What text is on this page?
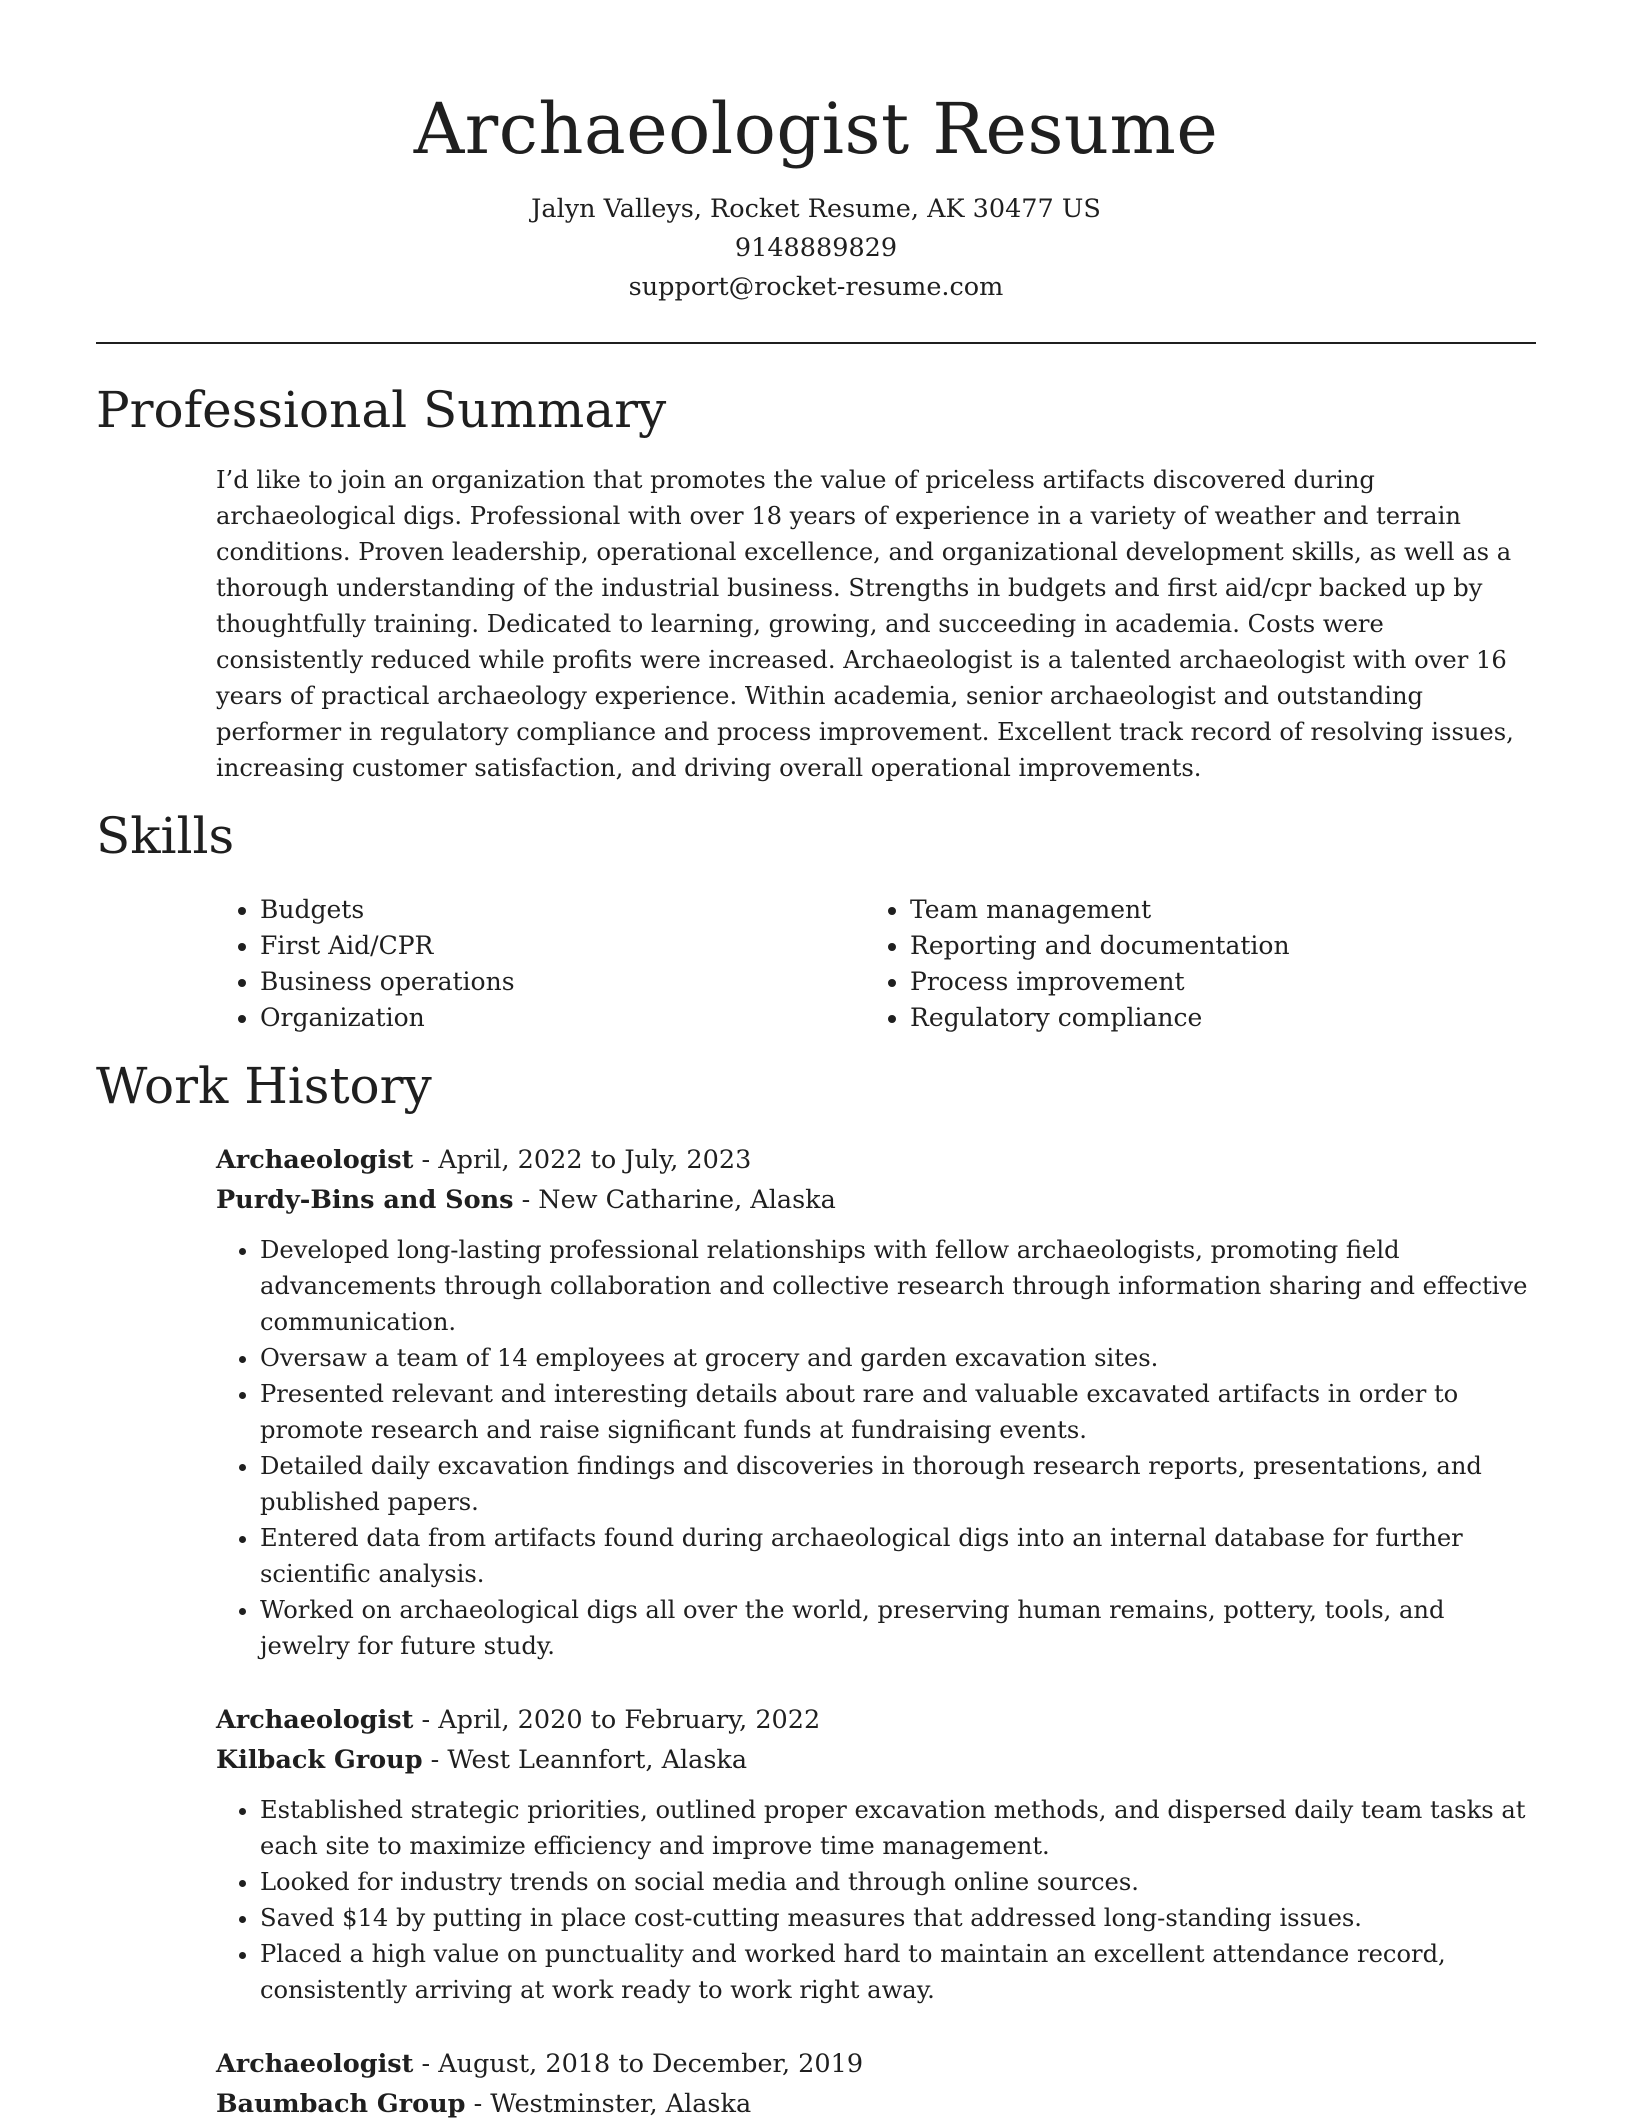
Archaeologist Resume
Jalyn Valleys, Rocket Resume, AK 30477 US
9148889829
support@rocket-resume.com
Professional Summary

I’d like to join an organization that promotes the value of priceless artifacts discovered during archaeological digs. Professional with over 18 years of experience in a variety of weather and terrain conditions. Proven leadership, operational excellence, and organizational development skills, as well as a thorough understanding of the industrial business. Strengths in budgets and first aid/cpr backed up by thoughtfully training. Dedicated to learning, growing, and succeeding in academia. Costs were consistently reduced while profits were increased. Archaeologist is a talented archaeologist with over 16 years of practical archaeology experience. Within academia, senior archaeologist and outstanding performer in regulatory compliance and process improvement. Excellent track record of resolving issues, increasing customer satisfaction, and driving overall operational improvements.

Skills
• Budgets
• First Aid/CPR
• Business operations
• Organization
• Team management
• Reporting and documentation
• Process improvement
• Regulatory compliance
Work History
Archaeologist - April, 2022 to July, 2023
Purdy-Bins and Sons - New Catharine, Alaska
• Developed long-lasting professional relationships with fellow archaeologists, promoting field advancements through collaboration and collective research through information sharing and effective communication.
• Oversaw a team of 14 employees at grocery and garden excavation sites.
• Presented relevant and interesting details about rare and valuable excavated artifacts in order to promote research and raise significant funds at fundraising events.
• Detailed daily excavation findings and discoveries in thorough research reports, presentations, and published papers.
• Entered data from artifacts found during archaeological digs into an internal database for further scientific analysis.
• Worked on archaeological digs all over the world, preserving human remains, pottery, tools, and jewelry for future study.
Archaeologist - April, 2020 to February, 2022
Kilback Group - West Leannfort, Alaska
• Established strategic priorities, outlined proper excavation methods, and dispersed daily team tasks at each site to maximize efficiency and improve time management.
• Looked for industry trends on social media and through online sources.
• Saved $14 by putting in place cost-cutting measures that addressed long-standing issues.
• Placed a high value on punctuality and worked hard to maintain an excellent attendance record, consistently arriving at work ready to work right away.
Archaeologist - August, 2018 to December, 2019
Baumbach Group - Westminster, Alaska
